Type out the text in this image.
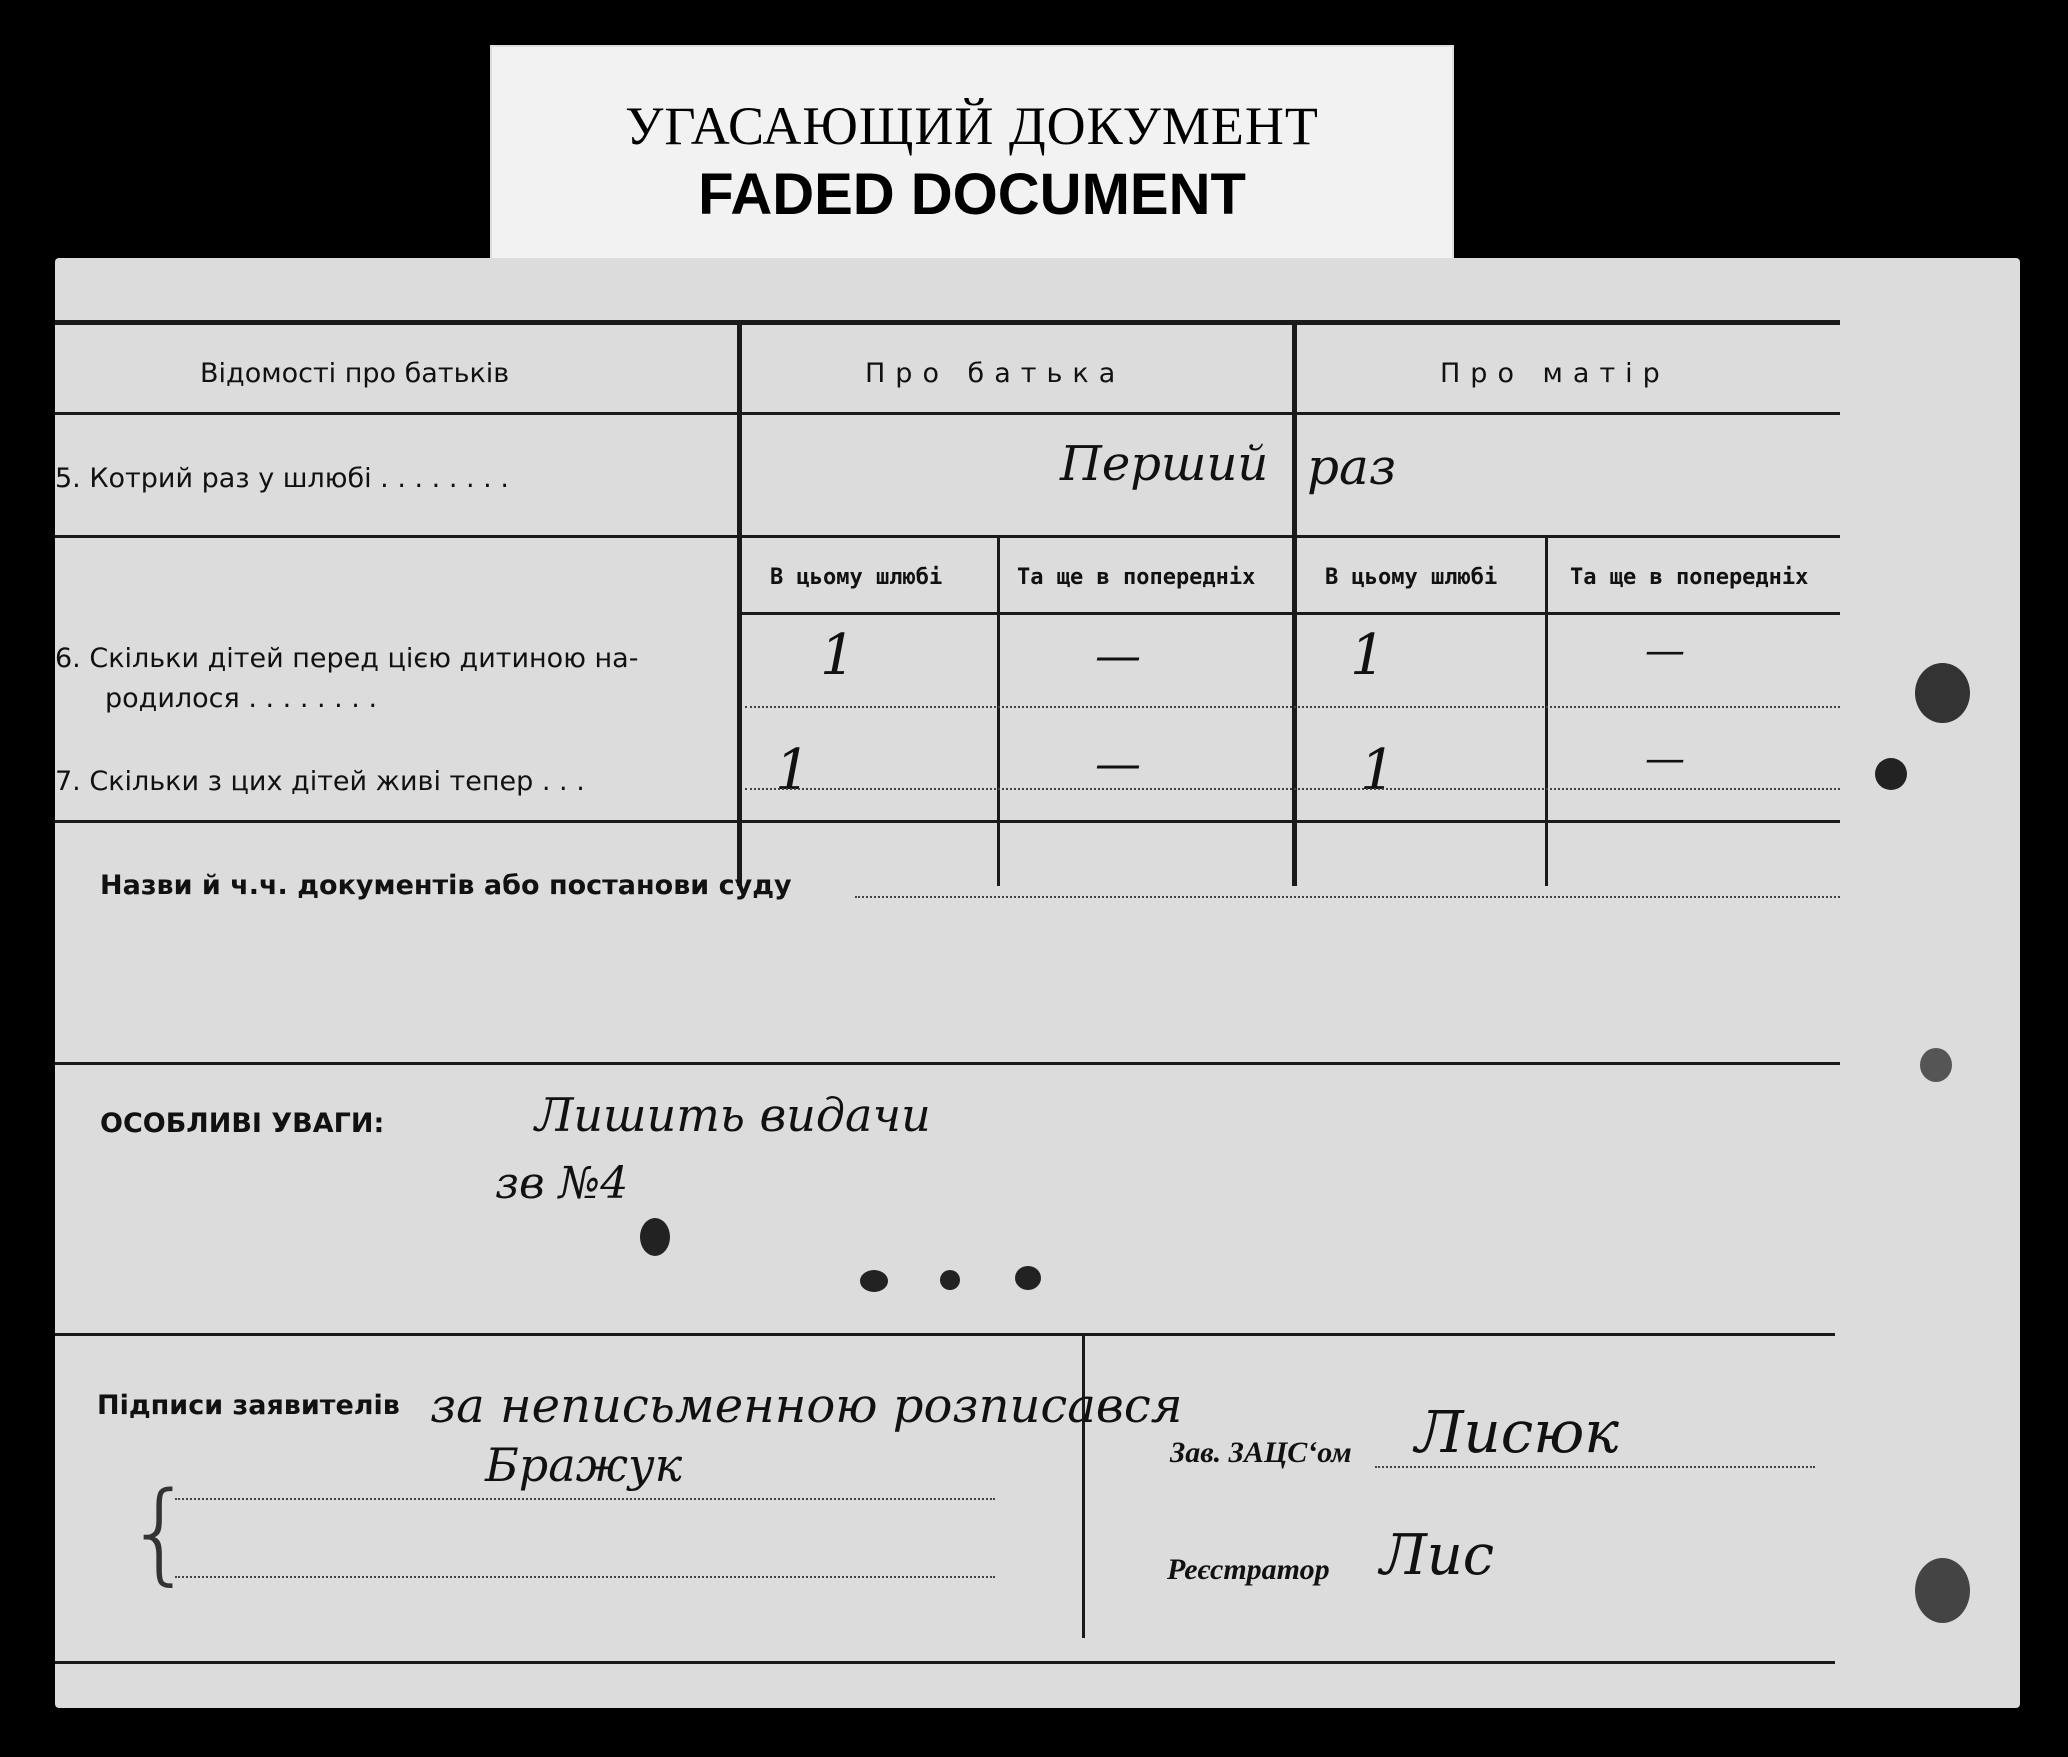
УГАСАЮЩИЙ ДОКУМЕНТ
FADED DOCUMENT
Відомості про батьків	Про батька	Про матір
5. Котрий раз у шлюбі . . . . . . . .	Перший раз
В цьому шлюбі	Та ще в попередніх	В цьому шлюбі	Та ще в попередніх
6. Скільки дітей перед цією дитиною на-
родилося . . . . . . . .
1	—	1	—
7. Скільки з цих дітей живі тепер . . .	1	—	1	—
Назви й ч.ч. документів або постанови суду
ОСОБЛИВІ УВАГИ:	Лишить видачи
зв №4
Підписи заявителів за неписьменною розписався
Бражук
{
Зав. ЗАЦС‘ом Лисюк
Реєстратор Лис
